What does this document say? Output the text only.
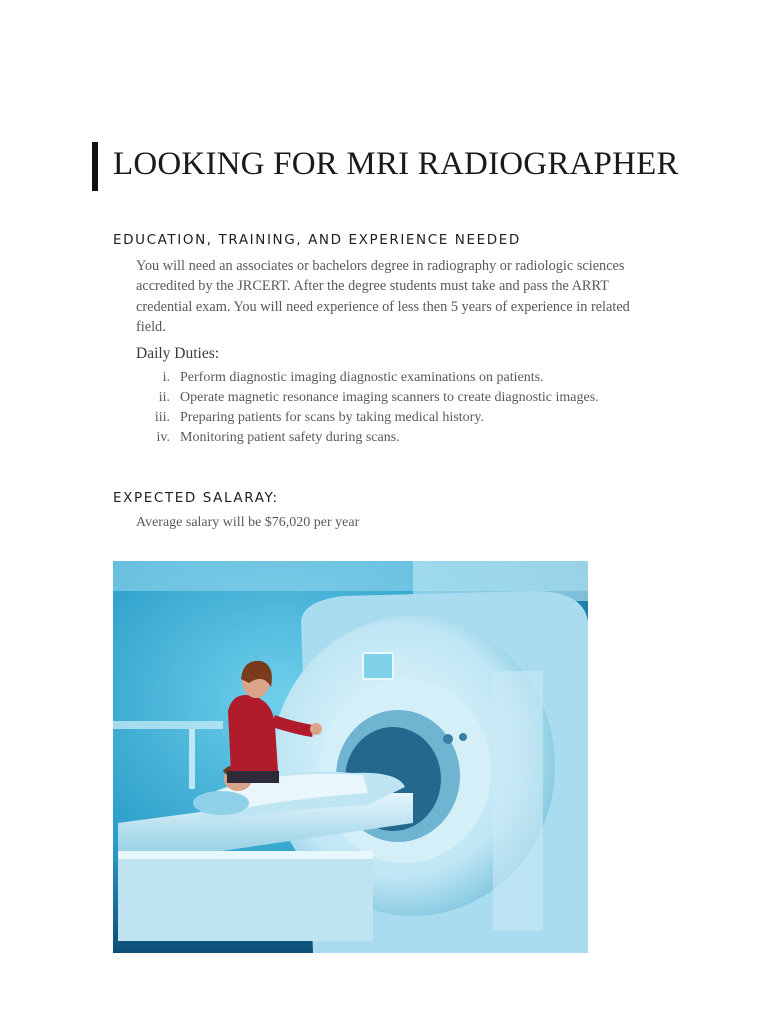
LOOKING FOR MRI RADIOGRAPHER
EDUCATION, TRAINING, AND EXPERIENCE NEEDED

You will need an associates or bachelors degree in radiography or radiologic sciences
accredited by the JRCERT. After the degree students must take and pass the ARRT
credential exam. You will need experience of less then 5 years of experience in related
field.

Daily Duties:
i. Perform diagnostic imaging diagnostic examinations on patients.
ii. Operate magnetic resonance imaging scanners to create diagnostic images.
iii. Preparing patients for scans by taking medical history.
iv. Monitoring patient safety during scans.
EXPECTED SALARAY:

Average salary will be $76,020 per year
